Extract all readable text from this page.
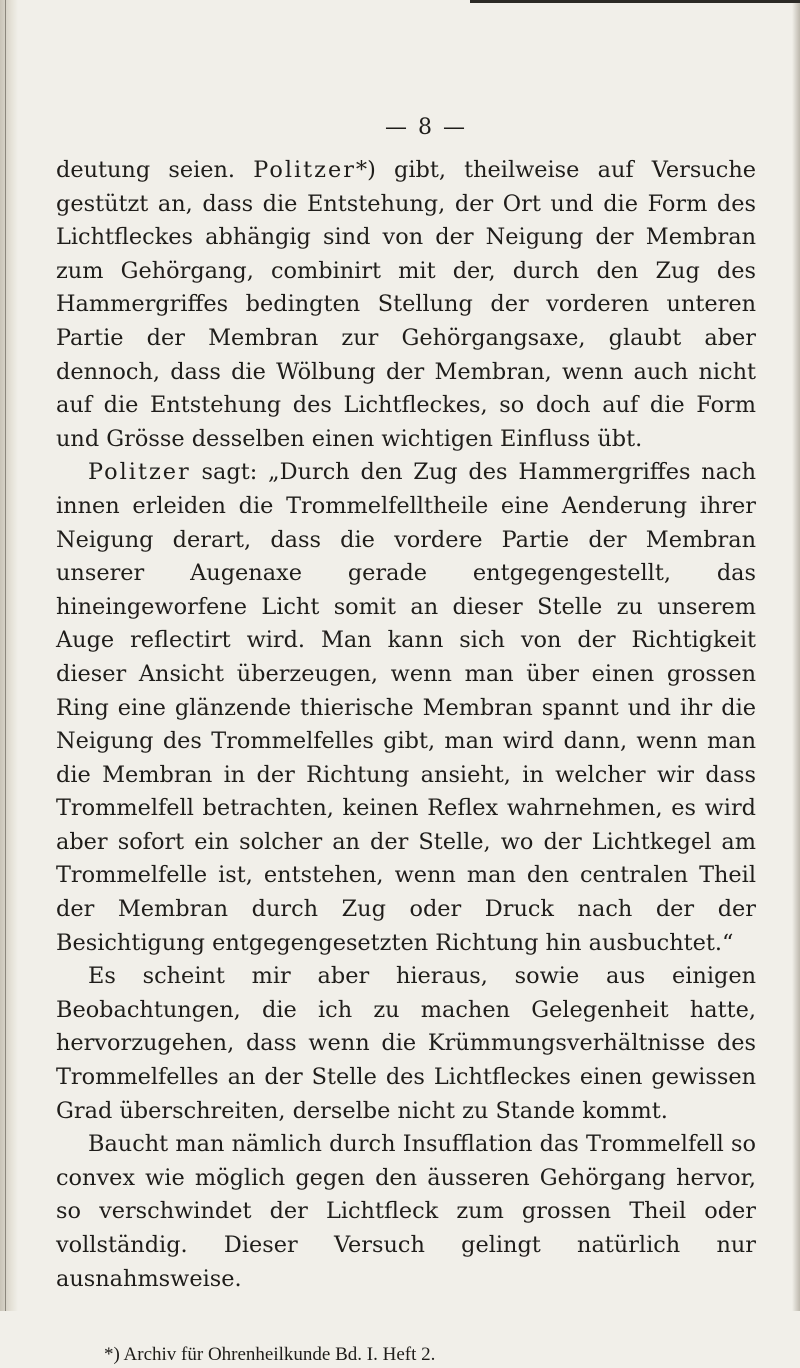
— 8 —

deutung seien. Politzer*) gibt, theilweise auf Versuche gestützt an, dass die Entstehung, der Ort und die Form des Lichtfleckes abhängig sind von der Neigung der Membran zum Gehörgang, combinirt mit der, durch den Zug des Hammergriffes bedingten Stellung der vorderen unteren Partie der Membran zur Gehörgangsaxe, glaubt aber dennoch, dass die Wölbung der Membran, wenn auch nicht auf die Entstehung des Lichtfleckes, so doch auf die Form und Grösse desselben einen wichtigen Einfluss übt.

Politzer sagt: „Durch den Zug des Hammergriffes nach innen erleiden die Trommelfelltheile eine Aenderung ihrer Neigung derart, dass die vordere Partie der Membran unserer Augenaxe gerade entgegengestellt, das hineingeworfene Licht somit an dieser Stelle zu unserem Auge reflectirt wird. Man kann sich von der Richtigkeit dieser Ansicht überzeugen, wenn man über einen grossen Ring eine glänzende thierische Membran spannt und ihr die Neigung des Trommelfelles gibt, man wird dann, wenn man die Membran in der Richtung ansieht, in welcher wir dass Trommelfell betrachten, keinen Reflex wahrnehmen, es wird aber sofort ein solcher an der Stelle, wo der Lichtkegel am Trommelfelle ist, entstehen, wenn man den centralen Theil der Membran durch Zug oder Druck nach der der Besichtigung entgegengesetzten Richtung hin ausbuchtet.“

Es scheint mir aber hieraus, sowie aus einigen Beobachtungen, die ich zu machen Gelegenheit hatte, hervorzugehen, dass wenn die Krümmungsverhältnisse des Trommelfelles an der Stelle des Lichtfleckes einen gewissen Grad überschreiten, derselbe nicht zu Stande kommt.

Baucht man nämlich durch Insufflation das Trommelfell so convex wie möglich gegen den äusseren Gehörgang hervor, so verschwindet der Lichtfleck zum grossen Theil oder vollständig. Dieser Versuch gelingt natürlich nur ausnahmsweise.

*) Archiv für Ohrenheilkunde Bd. I. Heft 2.
